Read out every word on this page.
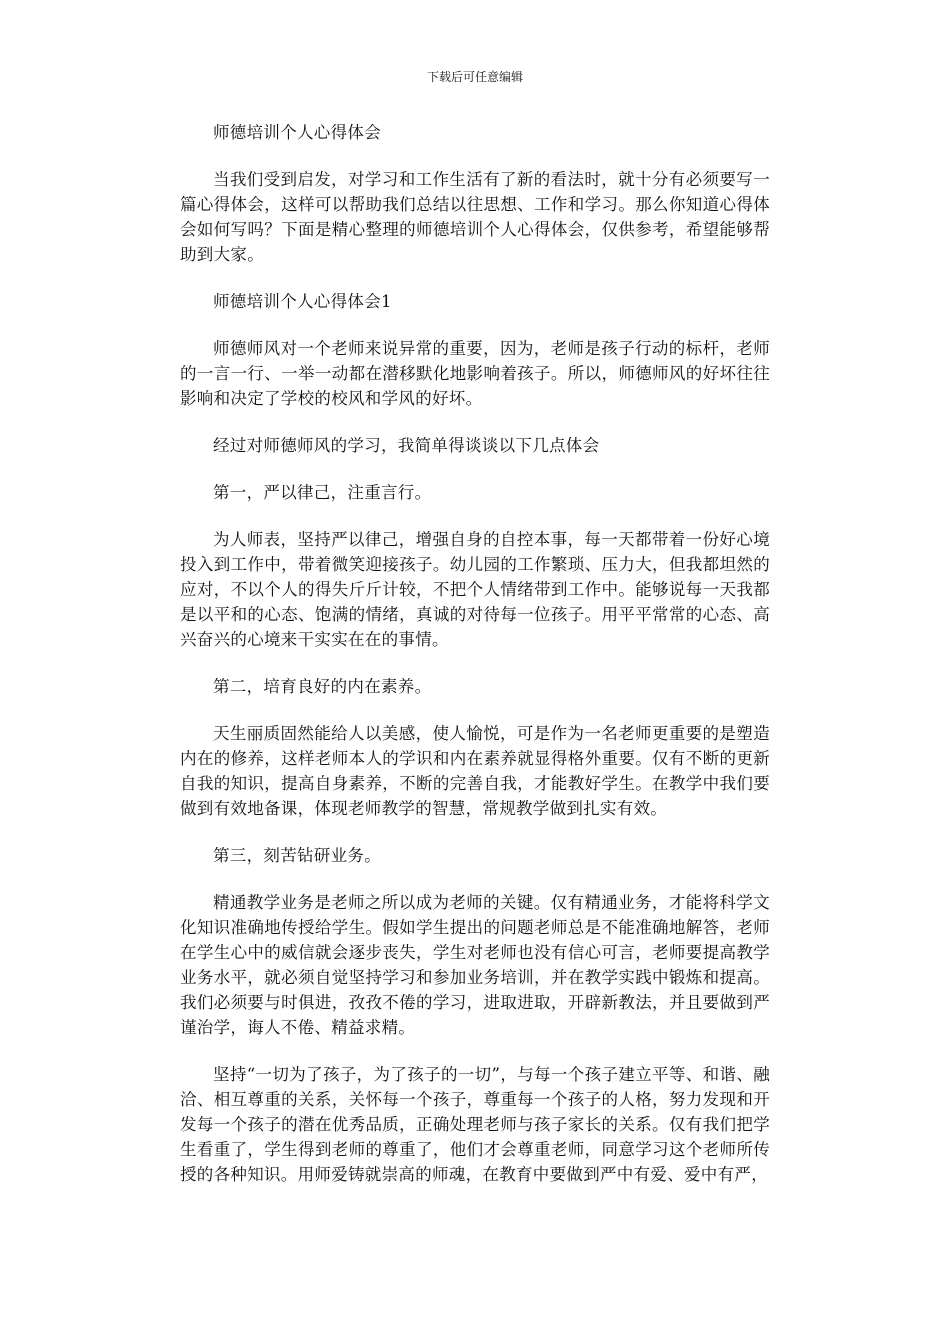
下载后可任意编辑

师德培训个人心得体会

当我们受到启发，对学习和工作生活有了新的看法时，就十分有必须要写一篇心得体会，这样可以帮助我们总结以往思想、工作和学习。那么你知道心得体会如何写吗？下面是精心整理的师德培训个人心得体会，仅供参考，希望能够帮助到大家。

师德培训个人心得体会1

师德师风对一个老师来说异常的重要，因为，老师是孩子行动的标杆，老师的一言一行、一举一动都在潜移默化地影响着孩子。所以，师德师风的好坏往往影响和决定了学校的校风和学风的好坏。

经过对师德师风的学习，我简单得谈谈以下几点体会

第一，严以律己，注重言行。

为人师表，坚持严以律己，增强自身的自控本事，每一天都带着一份好心境投入到工作中，带着微笑迎接孩子。幼儿园的工作繁琐、压力大，但我都坦然的应对，不以个人的得失斤斤计较，不把个人情绪带到工作中。能够说每一天我都是以平和的心态、饱满的情绪，真诚的对待每一位孩子。用平平常常的心态、高兴奋兴的心境来干实实在在的事情。

第二，培育良好的内在素养。

天生丽质固然能给人以美感，使人愉悦，可是作为一名老师更重要的是塑造内在的修养，这样老师本人的学识和内在素养就显得格外重要。仅有不断的更新自我的知识，提高自身素养，不断的完善自我，才能教好学生。在教学中我们要做到有效地备课，体现老师教学的智慧，常规教学做到扎实有效。

第三，刻苦钻研业务。

精通教学业务是老师之所以成为老师的关键。仅有精通业务，才能将科学文化知识准确地传授给学生。假如学生提出的问题老师总是不能准确地解答，老师在学生心中的威信就会逐步丧失，学生对老师也没有信心可言，老师要提高教学业务水平，就必须自觉坚持学习和参加业务培训，并在教学实践中锻炼和提高。我们必须要与时俱进，孜孜不倦的学习，进取进取，开辟新教法，并且要做到严谨治学，诲人不倦、精益求精。

坚持“一切为了孩子，为了孩子的一切”，与每一个孩子建立平等、和谐、融洽、相互尊重的关系，关怀每一个孩子，尊重每一个孩子的人格，努力发现和开发每一个孩子的潜在优秀品质，正确处理老师与孩子家长的关系。仅有我们把学生看重了，学生得到老师的尊重了，他们才会尊重老师，同意学习这个老师所传授的各种知识。用师爱铸就崇高的师魂，在教育中要做到严中有爱、爱中有严，
